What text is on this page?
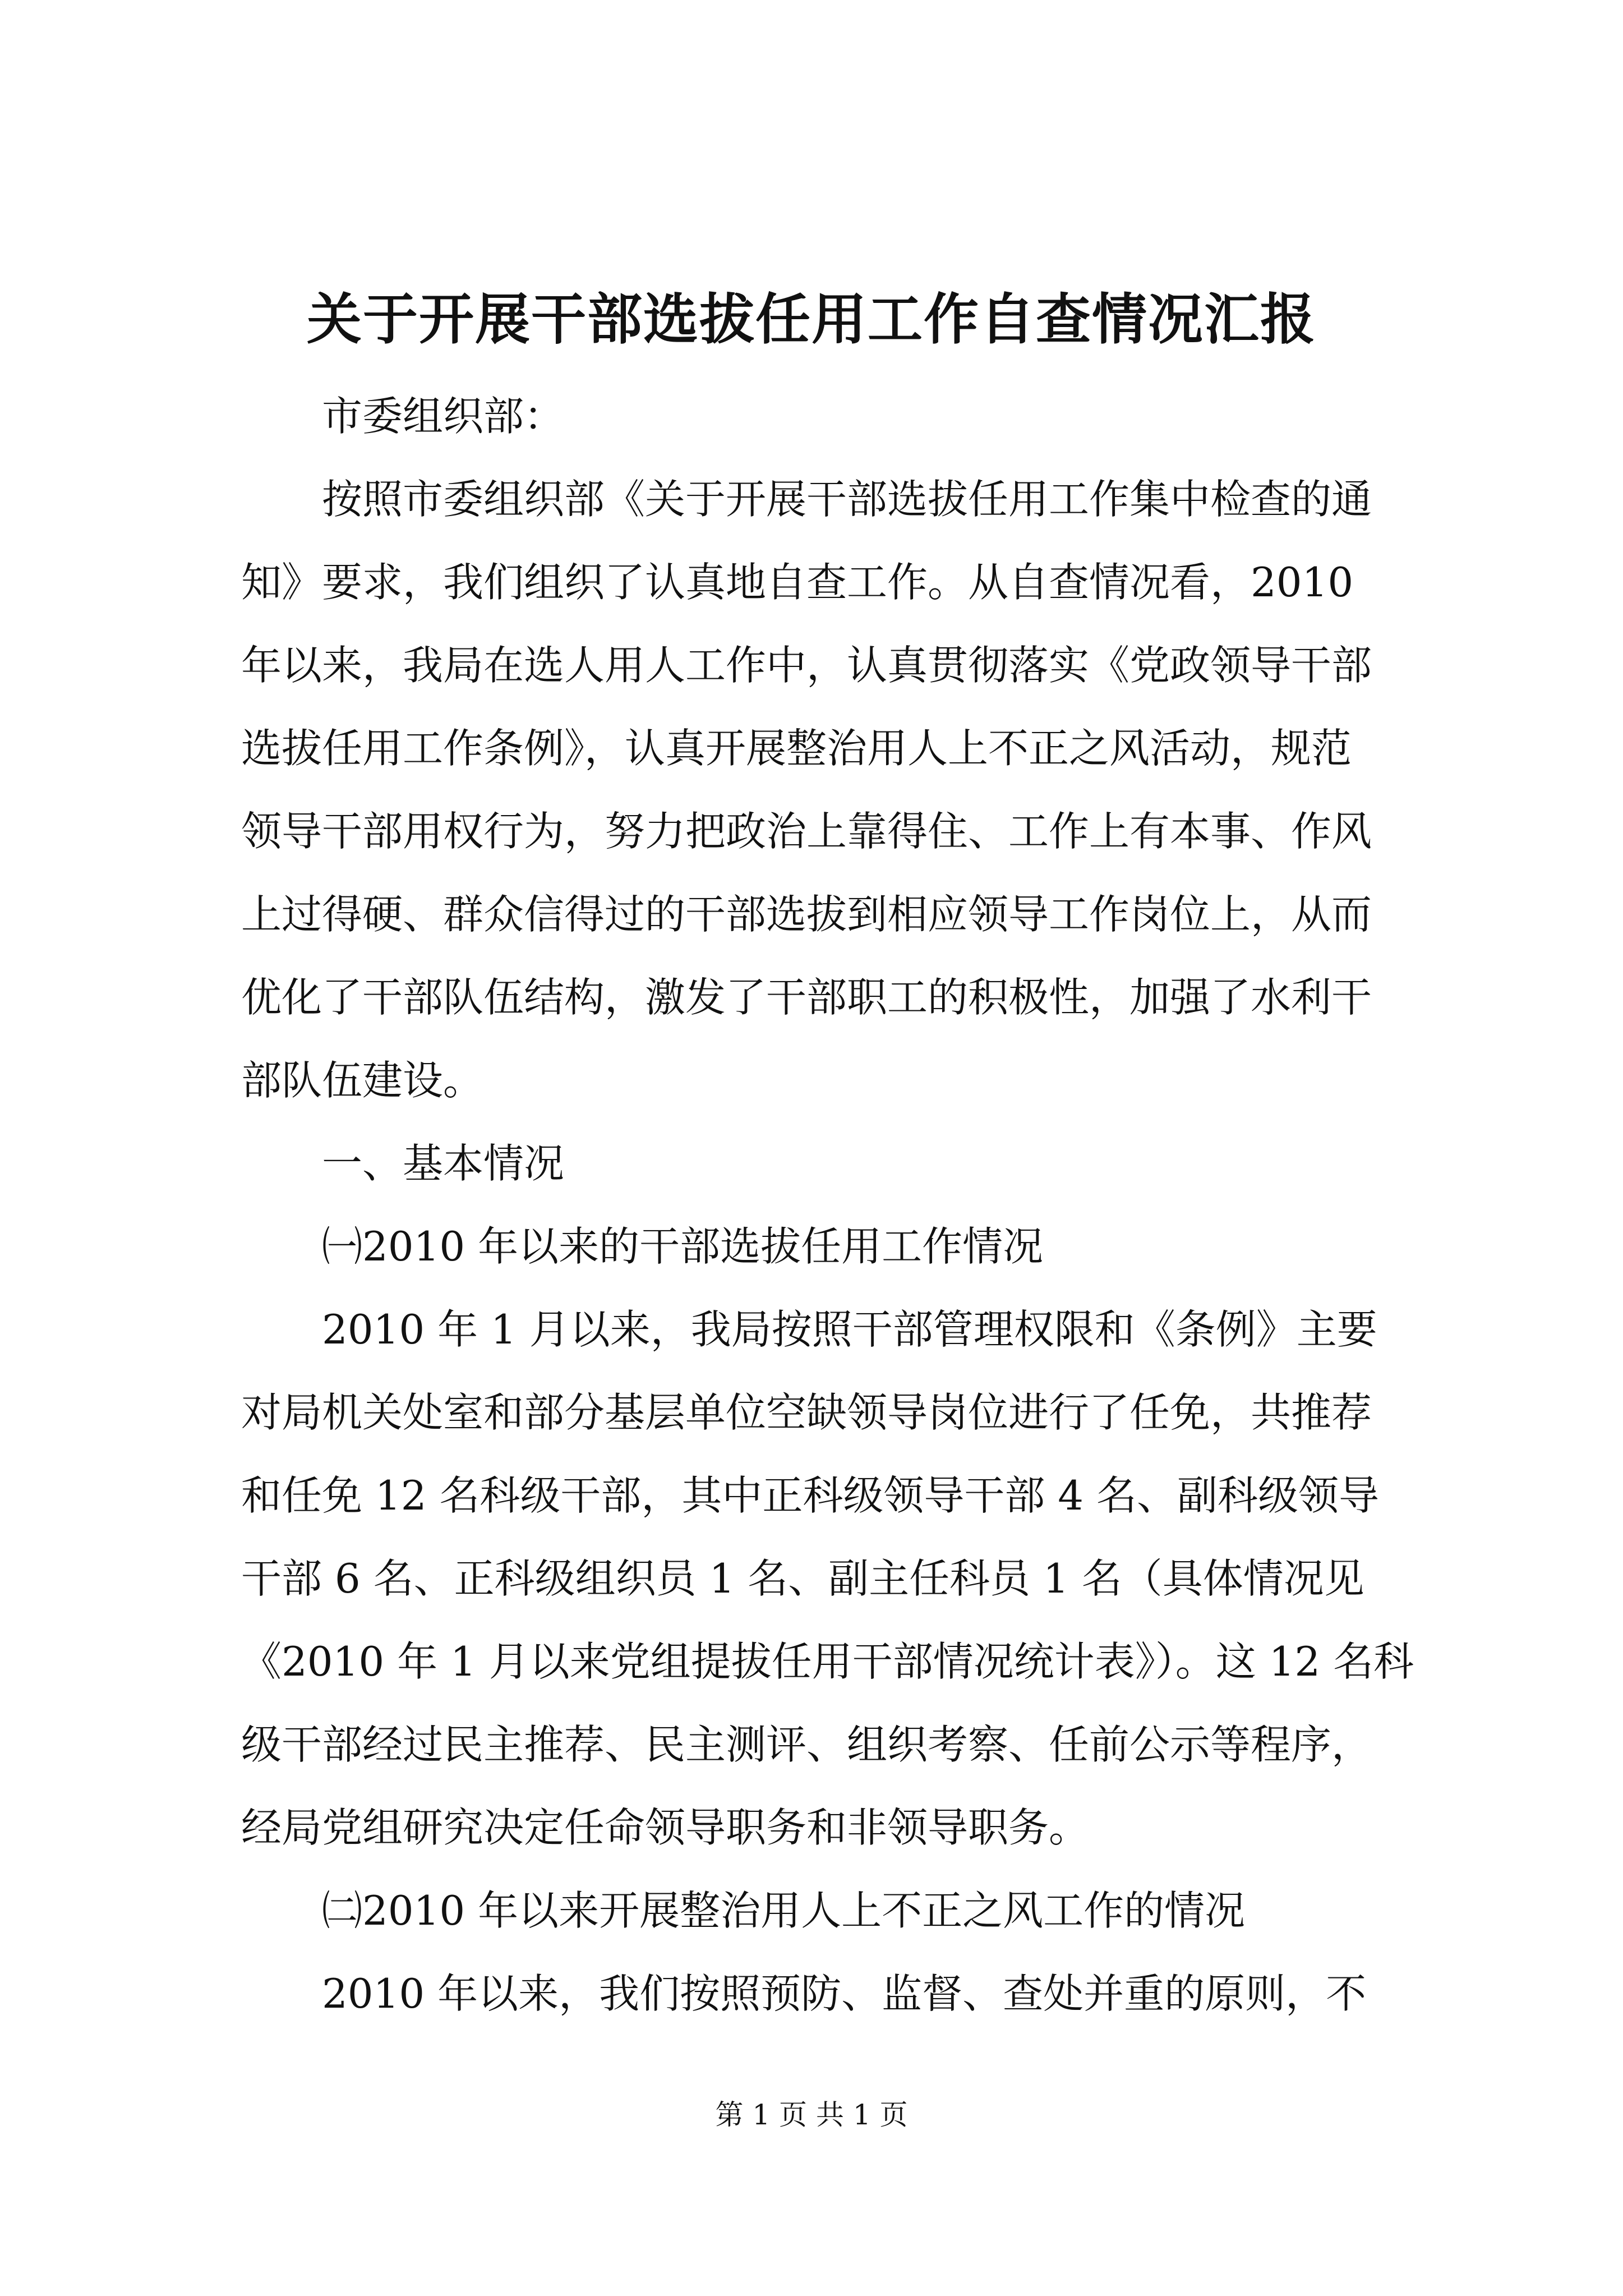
关于开展干部选拔任用工作自查情况汇报

市委组织部：

按照市委组织部《关于开展干部选拔任用工作集中检查的通
知》要求，我们组织了认真地自查工作。从自查情况看，2010
年以来，我局在选人用人工作中，认真贯彻落实《党政领导干部
选拔任用工作条例》，认真开展整治用人上不正之风活动，规范
领导干部用权行为，努力把政治上靠得住、工作上有本事、作风
上过得硬、群众信得过的干部选拔到相应领导工作岗位上，从而
优化了干部队伍结构，激发了干部职工的积极性，加强了水利干
部队伍建设。

一、基本情况

㈠2010 年以来的干部选拔任用工作情况

2010 年 1 月以来，我局按照干部管理权限和《条例》主要
对局机关处室和部分基层单位空缺领导岗位进行了任免，共推荐
和任免 12 名科级干部，其中正科级领导干部 4 名、副科级领导
干部 6 名、正科级组织员 1 名、副主任科员 1 名（具体情况见
《2010 年 1 月以来党组提拔任用干部情况统计表》）。这 12 名科
级干部经过民主推荐、民主测评、组织考察、任前公示等程序，
经局党组研究决定任命领导职务和非领导职务。

㈡2010 年以来开展整治用人上不正之风工作的情况

2010 年以来，我们按照预防、监督、查处并重的原则，不
第 1 页 共 1 页
